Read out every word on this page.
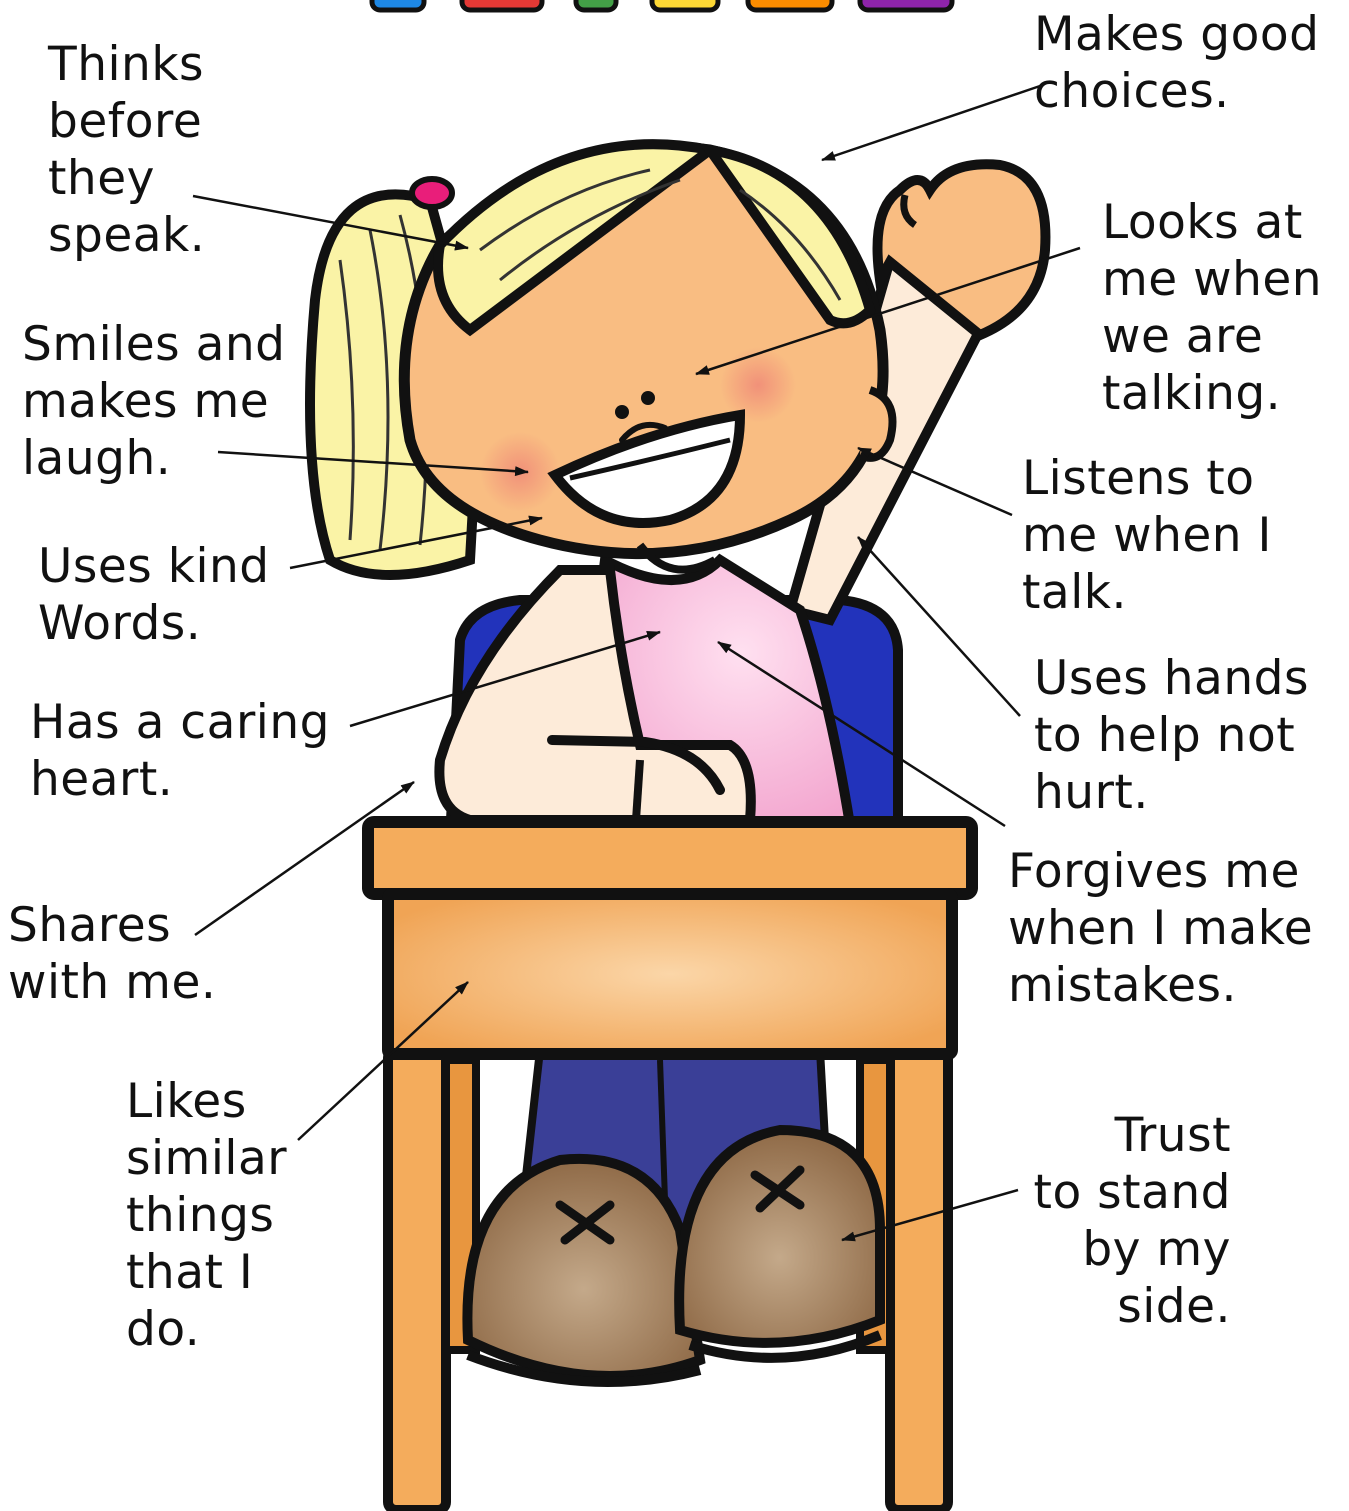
Thinks
before
they
speak.
Smiles and
makes me
laugh.
Uses kind
Words.
Has a caring
heart.
Shares
with me.
Likes
similar
things
that I
do.
Makes good
choices.
Looks at
me when
we are
talking.
Listens to
me when I
talk.
Uses hands
to help not
hurt.
Forgives me
when I make
mistakes.
Trust
to stand
by my
side.
